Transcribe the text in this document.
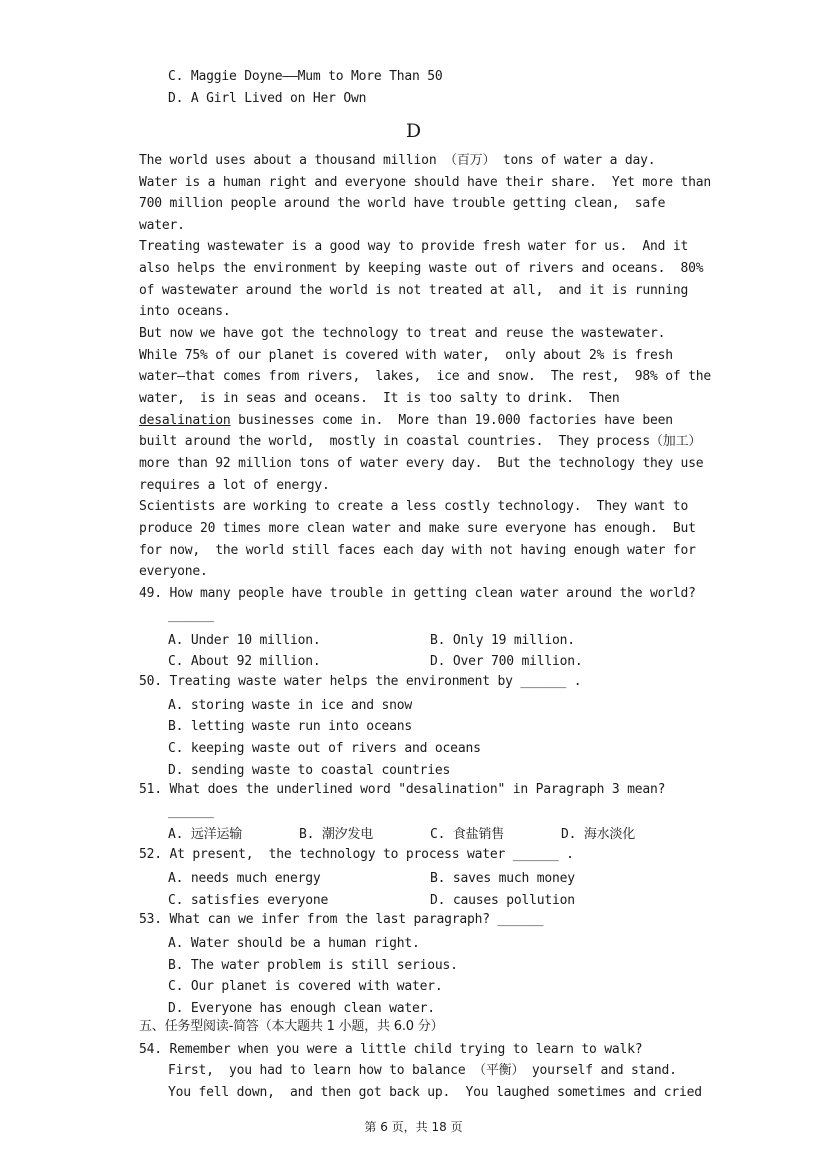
C. Maggie Doyne——Mum to More Than 50
D. A Girl Lived on Her Own
D
The world uses about a thousand million （百万） tons of water a day.
Water is a human right and everyone should have their share.  Yet more than
700 million people around the world have trouble getting clean,  safe
water.
Treating wastewater is a good way to provide fresh water for us.  And it
also helps the environment by keeping waste out of rivers and oceans.  80%
of wastewater around the world is not treated at all,  and it is running
into oceans.
But now we have got the technology to treat and reuse the wastewater.
While 75% of our planet is covered with water,  only about 2% is fresh
water—that comes from rivers,  lakes,  ice and snow.  The rest,  98% of the
water,  is in seas and oceans.  It is too salty to drink.  Then
desalination businesses come in.  More than 19.000 factories have been
built around the world,  mostly in coastal countries.  They process（加工）
more than 92 million tons of water every day.  But the technology they use
requires a lot of energy.
Scientists are working to create a less costly technology.  They want to
produce 20 times more clean water and make sure everyone has enough.  But
for now,  the world still faces each day with not having enough water for
everyone.
49. How many people have trouble in getting clean water around the world?
______
A. Under 10 million.	B. Only 19 million.
C. About 92 million.	D. Over 700 million.
50. Treating waste water helps the environment by ______ .
A. storing waste in ice and snow
B. letting waste run into oceans
C. keeping waste out of rivers and oceans
D. sending waste to coastal countries
51. What does the underlined word "desalination" in Paragraph 3 mean?
______
A. 远洋运输	B. 潮汐发电	C. 食盐销售	D. 海水淡化
52. At present,  the technology to process water ______ .
A. needs much energy	B. saves much money
C. satisfies everyone	D. causes pollution
53. What can we infer from the last paragraph? ______
A. Water should be a human right.
B. The water problem is still serious.
C. Our planet is covered with water.
D. Everyone has enough clean water.
五、任务型阅读-简答（本大题共 1 小题，共 6.0 分）
54. Remember when you were a little child trying to learn to walk?
First,  you had to learn how to balance （平衡） yourself and stand.
You fell down,  and then got back up.  You laughed sometimes and cried
第 6 页，共 18 页
